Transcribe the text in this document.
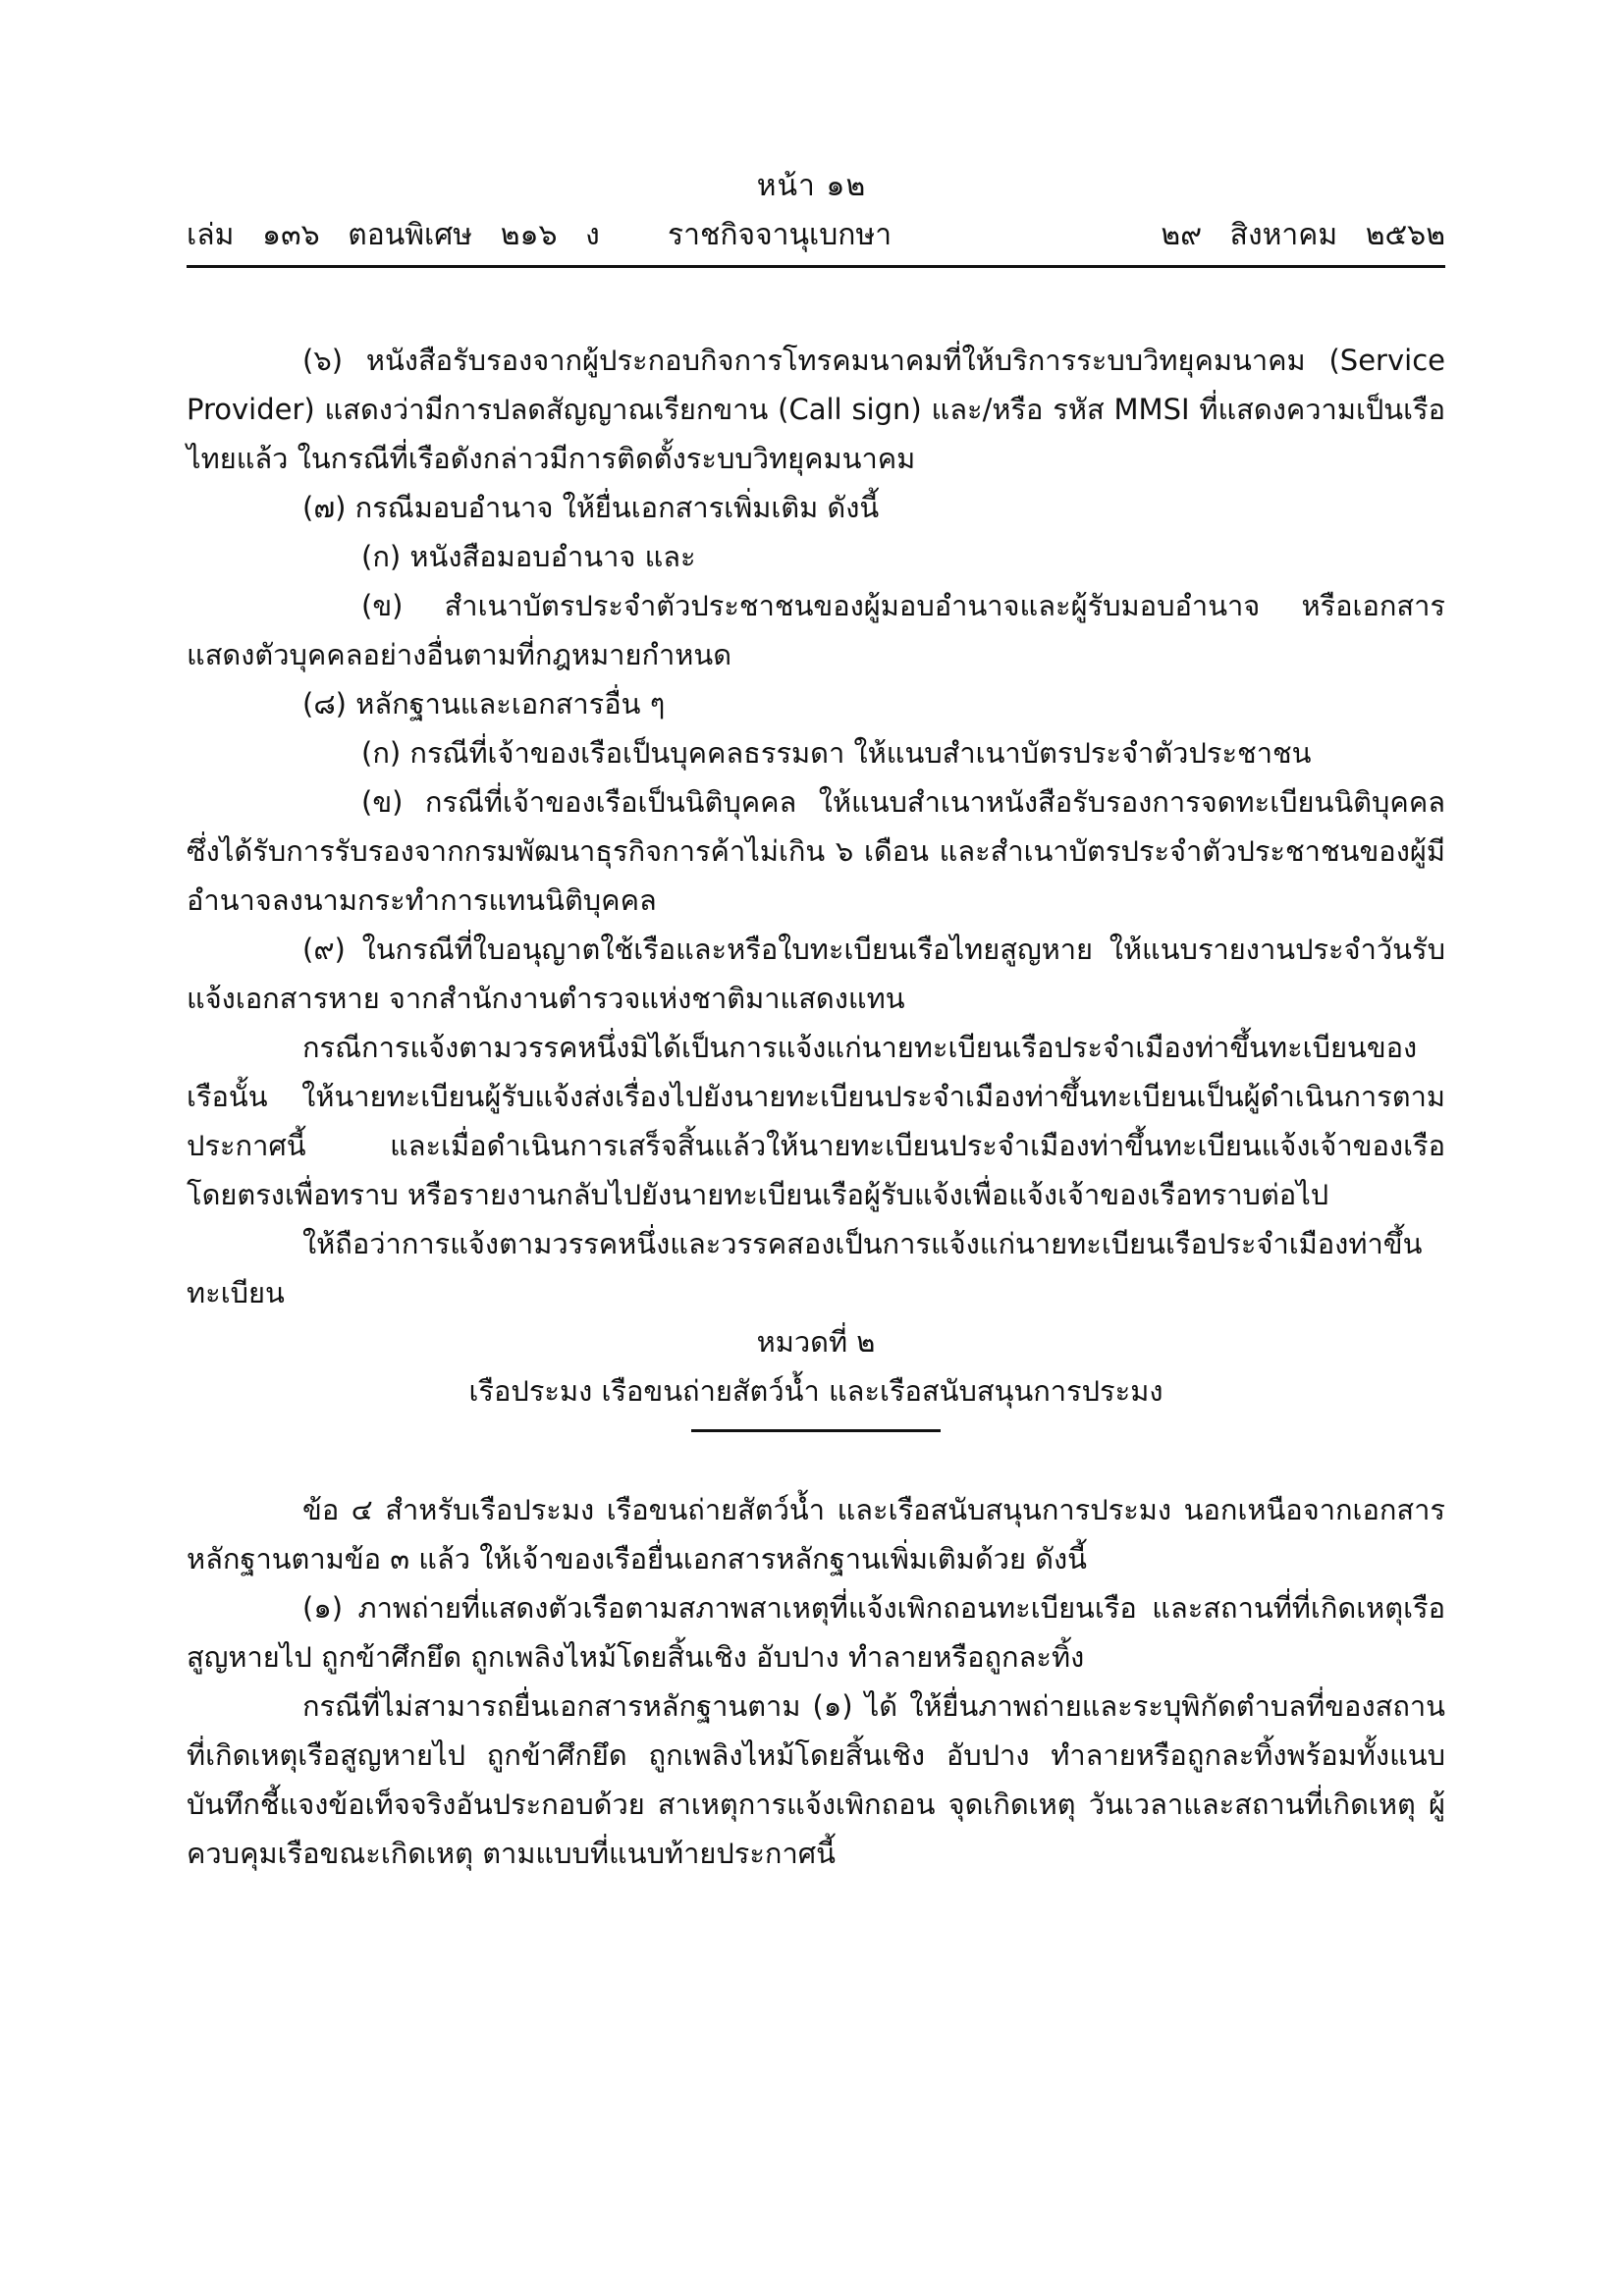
หน้า ๑๒
เล่ม   ๑๓๖   ตอนพิเศษ   ๒๑๖   ง ราชกิจจานุเบกษา	๒๙   สิงหาคม   ๒๕๖๒

(๖) หนังสือรับรองจากผู้ประกอบกิจการโทรคมนาคมที่ให้บริการระบบวิทยุคมนาคม (Service Provider) แสดงว่ามีการปลดสัญญาณเรียกขาน (Call sign) และ/หรือ รหัส MMSI ที่แสดงความเป็นเรือไทยแล้ว ในกรณีที่เรือดังกล่าวมีการติดตั้งระบบวิทยุคมนาคม

(๗) กรณีมอบอำนาจ ให้ยื่นเอกสารเพิ่มเติม ดังนี้

(ก) หนังสือมอบอำนาจ และ

(ข) สำเนาบัตรประจำตัวประชาชนของผู้มอบอำนาจและผู้รับมอบอำนาจ หรือเอกสารแสดงตัวบุคคลอย่างอื่นตามที่กฎหมายกำหนด

(๘) หลักฐานและเอกสารอื่น ๆ

(ก) กรณีที่เจ้าของเรือเป็นบุคคลธรรมดา ให้แนบสำเนาบัตรประจำตัวประชาชน

(ข) กรณีที่เจ้าของเรือเป็นนิติบุคคล ให้แนบสำเนาหนังสือรับรองการจดทะเบียนนิติบุคคล ซึ่งได้รับการรับรองจากกรมพัฒนาธุรกิจการค้าไม่เกิน ๖ เดือน และสำเนาบัตรประจำตัวประชาชนของผู้มีอำนาจลงนามกระทำการแทนนิติบุคคล

(๙) ในกรณีที่ใบอนุญาตใช้เรือและหรือใบทะเบียนเรือไทยสูญหาย ให้แนบรายงานประจำวันรับแจ้งเอกสารหาย จากสำนักงานตำรวจแห่งชาติมาแสดงแทน

กรณีการแจ้งตามวรรคหนึ่งมิได้เป็นการแจ้งแก่นายทะเบียนเรือประจำเมืองท่าขึ้นทะเบียนของเรือนั้น ให้นายทะเบียนผู้รับแจ้งส่งเรื่องไปยังนายทะเบียนประจำเมืองท่าขึ้นทะเบียนเป็นผู้ดำเนินการตามประกาศนี้ และเมื่อดำเนินการเสร็จสิ้นแล้วให้นายทะเบียนประจำเมืองท่าขึ้นทะเบียนแจ้งเจ้าของเรือโดยตรงเพื่อทราบ หรือรายงานกลับไปยังนายทะเบียนเรือผู้รับแจ้งเพื่อแจ้งเจ้าของเรือทราบต่อไป

ให้ถือว่าการแจ้งตามวรรคหนึ่งและวรรคสองเป็นการแจ้งแก่นายทะเบียนเรือประจำเมืองท่าขึ้นทะเบียน

หมวดที่ ๒

เรือประมง เรือขนถ่ายสัตว์น้ำ และเรือสนับสนุนการประมง

ข้อ ๔ สำหรับเรือประมง เรือขนถ่ายสัตว์น้ำ และเรือสนับสนุนการประมง นอกเหนือจากเอกสารหลักฐานตามข้อ ๓ แล้ว ให้เจ้าของเรือยื่นเอกสารหลักฐานเพิ่มเติมด้วย ดังนี้

(๑) ภาพถ่ายที่แสดงตัวเรือตามสภาพสาเหตุที่แจ้งเพิกถอนทะเบียนเรือ และสถานที่ที่เกิดเหตุเรือสูญหายไป ถูกข้าศึกยึด ถูกเพลิงไหม้โดยสิ้นเชิง อับปาง ทำลายหรือถูกละทิ้ง

กรณีที่ไม่สามารถยื่นเอกสารหลักฐานตาม (๑) ได้ ให้ยื่นภาพถ่ายและระบุพิกัดตำบลที่ของสถานที่เกิดเหตุเรือสูญหายไป ถูกข้าศึกยึด ถูกเพลิงไหม้โดยสิ้นเชิง อับปาง ทำลายหรือถูกละทิ้งพร้อมทั้งแนบบันทึกชี้แจงข้อเท็จจริงอันประกอบด้วย สาเหตุการแจ้งเพิกถอน จุดเกิดเหตุ วันเวลาและสถานที่เกิดเหตุ ผู้ควบคุมเรือขณะเกิดเหตุ ตามแบบที่แนบท้ายประกาศนี้
